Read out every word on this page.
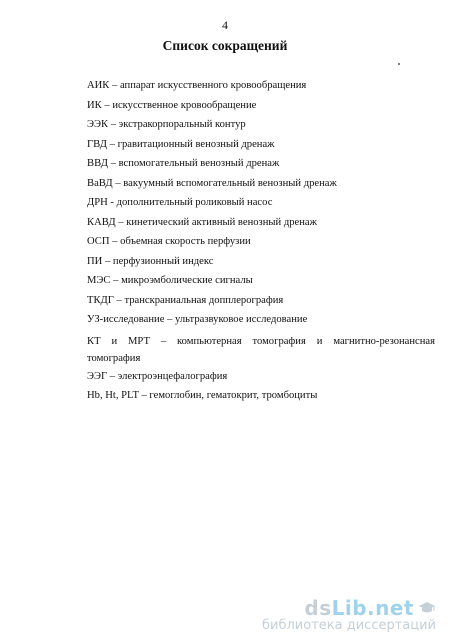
4
Список сокращений
АИК – аппарат искусственного кровообращения
ИК – искусственное кровообращение
ЭЭК – экстракорпоральный контур
ГВД – гравитационный венозный дренаж
ВВД – вспомогательный венозный дренаж
ВаВД – вакуумный вспомогательный венозный дренаж
ДРН - дополнительный роликовый насос
КАВД – кинетический активный венозный дренаж
ОСП – объемная скорость перфузии
ПИ – перфузионный индекс
МЭС – микроэмболические сигналы
ТКДГ – транскраниальная допплерография
УЗ-исследование – ультразвуковое исследование
КТ и МРТ – компьютерная томография и магнитно-резонансная томография
ЭЭГ – электроэнцефалография
Hb, Ht, PLT – гемоглобин, гематокрит, тромбоциты
dsLib.net
библиотека диссертаций
